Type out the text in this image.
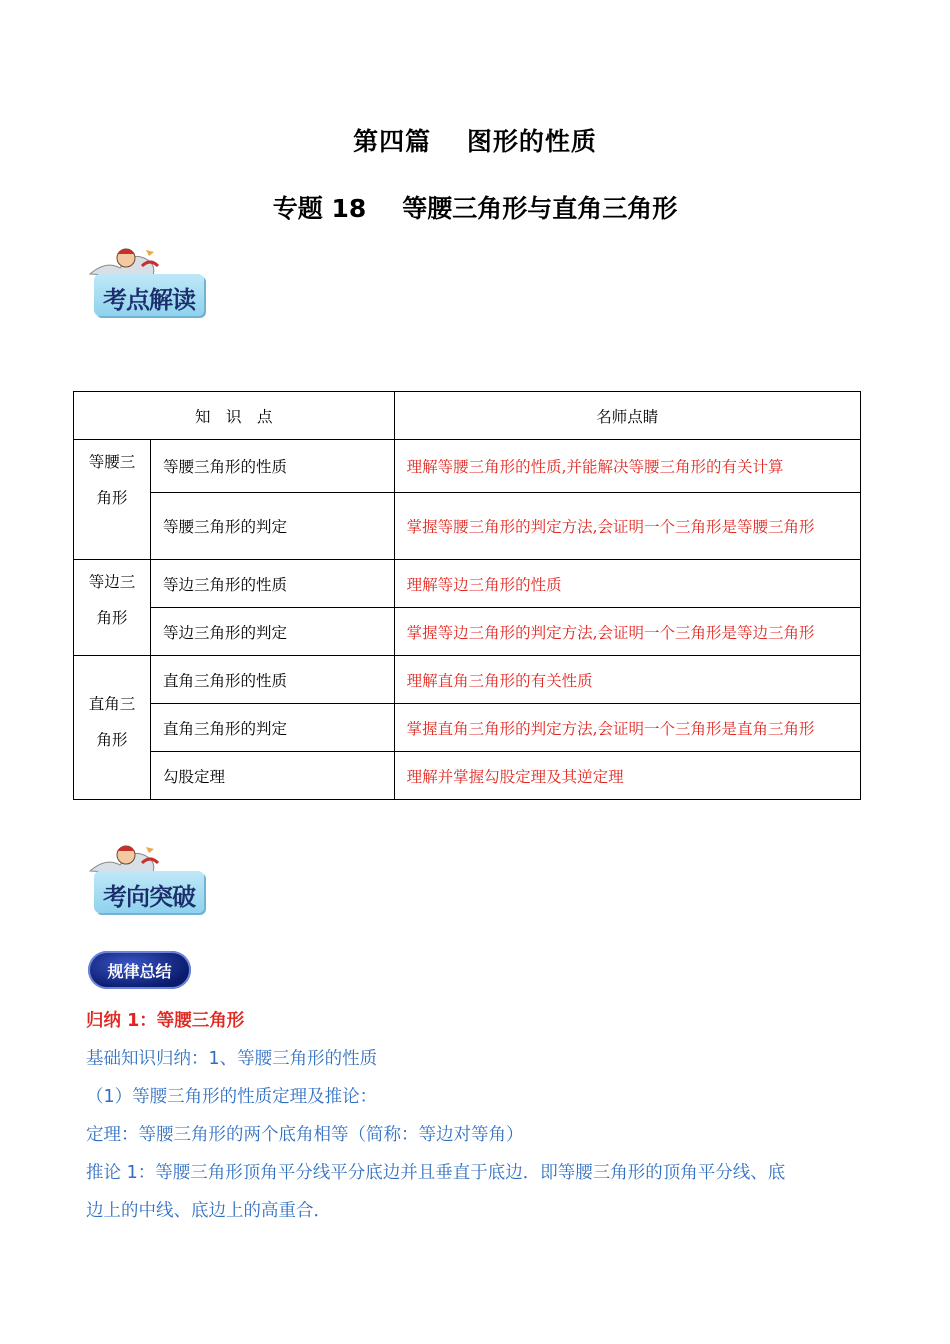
第四篇　 图形的性质
专题 18 等腰三角形与直角三角形
考点解读
知　识　点		名师点睛
等腰三角形	等腰三角形的性质	理解等腰三角形的性质,并能解决等腰三角形的有关计算
	等腰三角形的判定	掌握等腰三角形的判定方法,会证明一个三角形是等腰三角形
等边三角形	等边三角形的性质	理解等边三角形的性质
	等边三角形的判定	掌握等边三角形的判定方法,会证明一个三角形是等边三角形
直角三角形	直角三角形的性质	理解直角三角形的有关性质
	直角三角形的判定	掌握直角三角形的判定方法,会证明一个三角形是直角三角形
	勾股定理	理解并掌握勾股定理及其逆定理
考向突破
规律总结
归纳 1：等腰三角形
基础知识归纳：1、等腰三角形的性质
（1）等腰三角形的性质定理及推论：
定理：等腰三角形的两个底角相等（简称：等边对等角）
推论 1：等腰三角形顶角平分线平分底边并且垂直于底边．即等腰三角形的顶角平分线、底
边上的中线、底边上的高重合．
